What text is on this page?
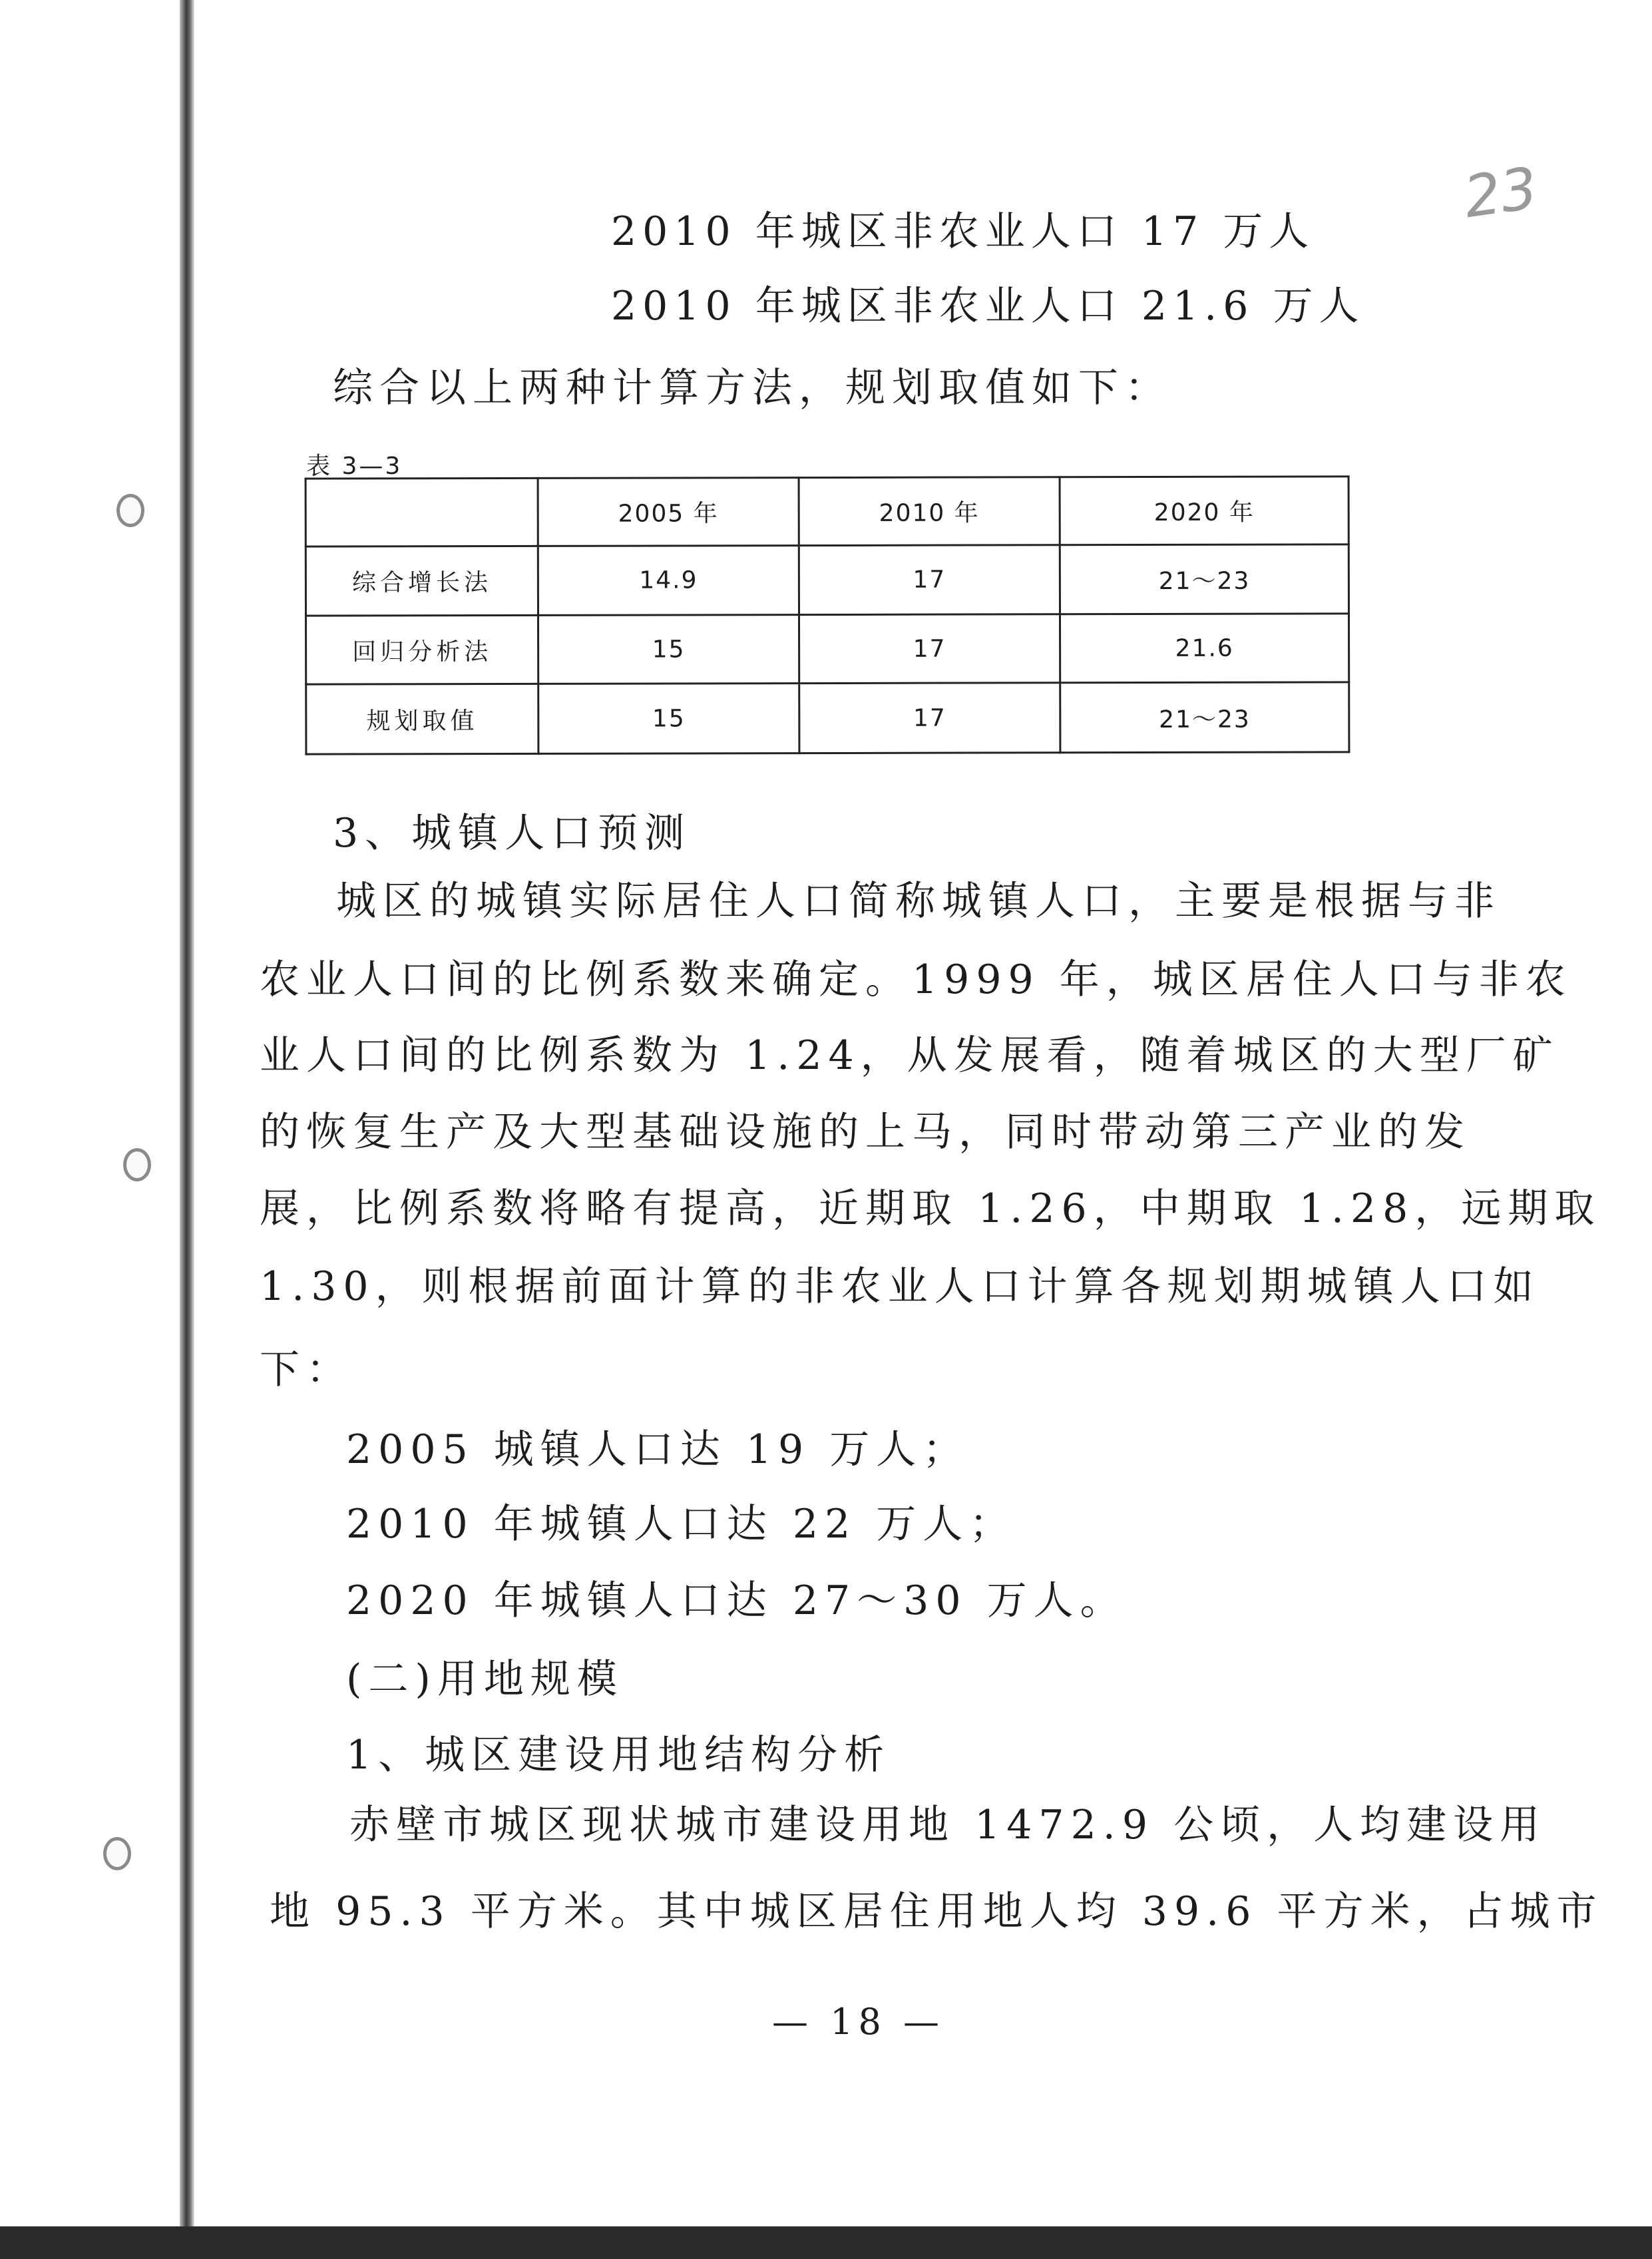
23
2010 年城区非农业人口 17 万人
2010 年城区非农业人口 21.6 万人
综合以上两种计算方法，规划取值如下：
表 3—3
	2005 年	2010 年	2020 年
综合增长法	14.9	17	21～23
回归分析法	15	17	21.6
规划取值	15	17	21～23
3、城镇人口预测
城区的城镇实际居住人口简称城镇人口，主要是根据与非
农业人口间的比例系数来确定。1999 年，城区居住人口与非农
业人口间的比例系数为 1.24，从发展看，随着城区的大型厂矿
的恢复生产及大型基础设施的上马，同时带动第三产业的发
展，比例系数将略有提高，近期取 1.26，中期取 1.28，远期取
1.30，则根据前面计算的非农业人口计算各规划期城镇人口如
下：
2005 城镇人口达 19 万人；
2010 年城镇人口达 22 万人；
2020 年城镇人口达 27～30 万人。
(二)用地规模
1、城区建设用地结构分析
赤壁市城区现状城市建设用地 1472.9 公顷，人均建设用
地 95.3 平方米。其中城区居住用地人均 39.6 平方米，占城市
— 18 —
